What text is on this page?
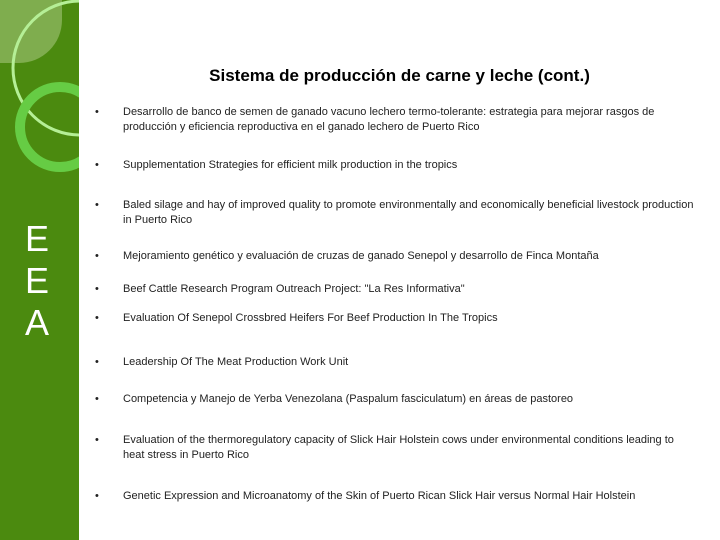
E
E
A
Sistema de producción de carne y leche (cont.)
•	Desarrollo de banco de semen de ganado vacuno lechero termo-tolerante: estrategia para mejorar rasgos de producción y eficiencia reproductiva en el ganado lechero de Puerto Rico
•	Supplementation Strategies for efficient milk production in the tropics
•	Baled silage and hay of improved quality to promote environmentally and economically beneficial livestock production in Puerto Rico
•	Mejoramiento genético y evaluación de cruzas de ganado Senepol y desarrollo de Finca Montaña
•	Beef Cattle Research Program Outreach Project: "La Res Informativa"
•	Evaluation Of Senepol Crossbred Heifers For Beef Production In The Tropics
•	Leadership Of The Meat Production Work Unit
•	Competencia y Manejo de Yerba Venezolana (Paspalum fasciculatum) en áreas de pastoreo
•	Evaluation of the thermoregulatory capacity of Slick Hair Holstein cows under environmental conditions leading to heat stress in Puerto Rico
•	Genetic Expression and Microanatomy of the Skin of Puerto Rican Slick Hair versus Normal Hair Holstein
